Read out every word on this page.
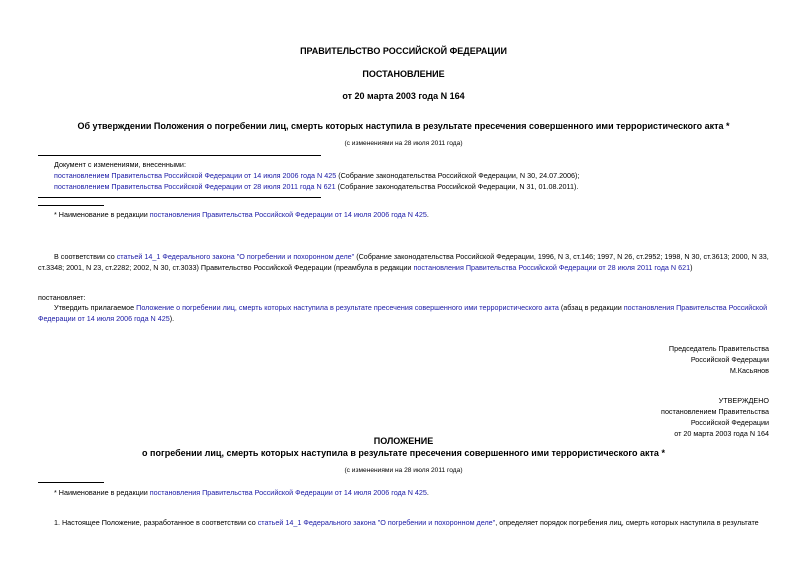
ПРАВИТЕЛЬСТВО РОССИЙСКОЙ ФЕДЕРАЦИИ
ПОСТАНОВЛЕНИЕ
от 20 марта 2003 года N 164
Об утверждении Положения о погребении лиц, смерть которых наступила в результате пресечения совершенного ими террористического акта *
(с изменениями на 28 июля 2011 года)
Документ с изменениями, внесенными:
постановлением Правительства Российской Федерации от 14 июля 2006 года N 425 (Собрание законодательства Российской Федерации, N 30, 24.07.2006);
постановлением Правительства Российской Федерации от 28 июля 2011 года N 621 (Собрание законодательства Российской Федерации, N 31, 01.08.2011).
* Наименование в редакции постановления Правительства Российской Федерации от 14 июля 2006 года N 425.
В соответствии со статьей 14_1 Федерального закона "О погребении и похоронном деле" (Собрание законодательства Российской Федерации, 1996, N 3, ст.146; 1997, N 26, ст.2952; 1998, N 30, ст.3613; 2000, N 33, ст.3348; 2001, N 23, ст.2282; 2002, N 30, ст.3033) Правительство Российской Федерации (преамбула в редакции постановления Правительства Российской Федерации от 28 июля 2011 года N 621)
постановляет:
Утвердить прилагаемое Положение о погребении лиц, смерть которых наступила в результате пресечения совершенного ими террористического акта (абзац в редакции постановления Правительства Российской Федерации от 14 июля 2006 года N 425).
Председатель Правительства
Российской Федерации
М.Касьянов
УТВЕРЖДЕНО
постановлением Правительства
Российской Федерации
от 20 марта 2003 года N 164
ПОЛОЖЕНИЕ
о погребении лиц, смерть которых наступила в результате пресечения совершенного ими террористического акта *
(с изменениями на 28 июля 2011 года)
* Наименование в редакции постановления Правительства Российской Федерации от 14 июля 2006 года N 425.
1. Настоящее Положение, разработанное в соответствии со статьей 14_1 Федерального закона "О погребении и похоронном деле", определяет порядок погребения лиц, смерть которых наступила в результате
